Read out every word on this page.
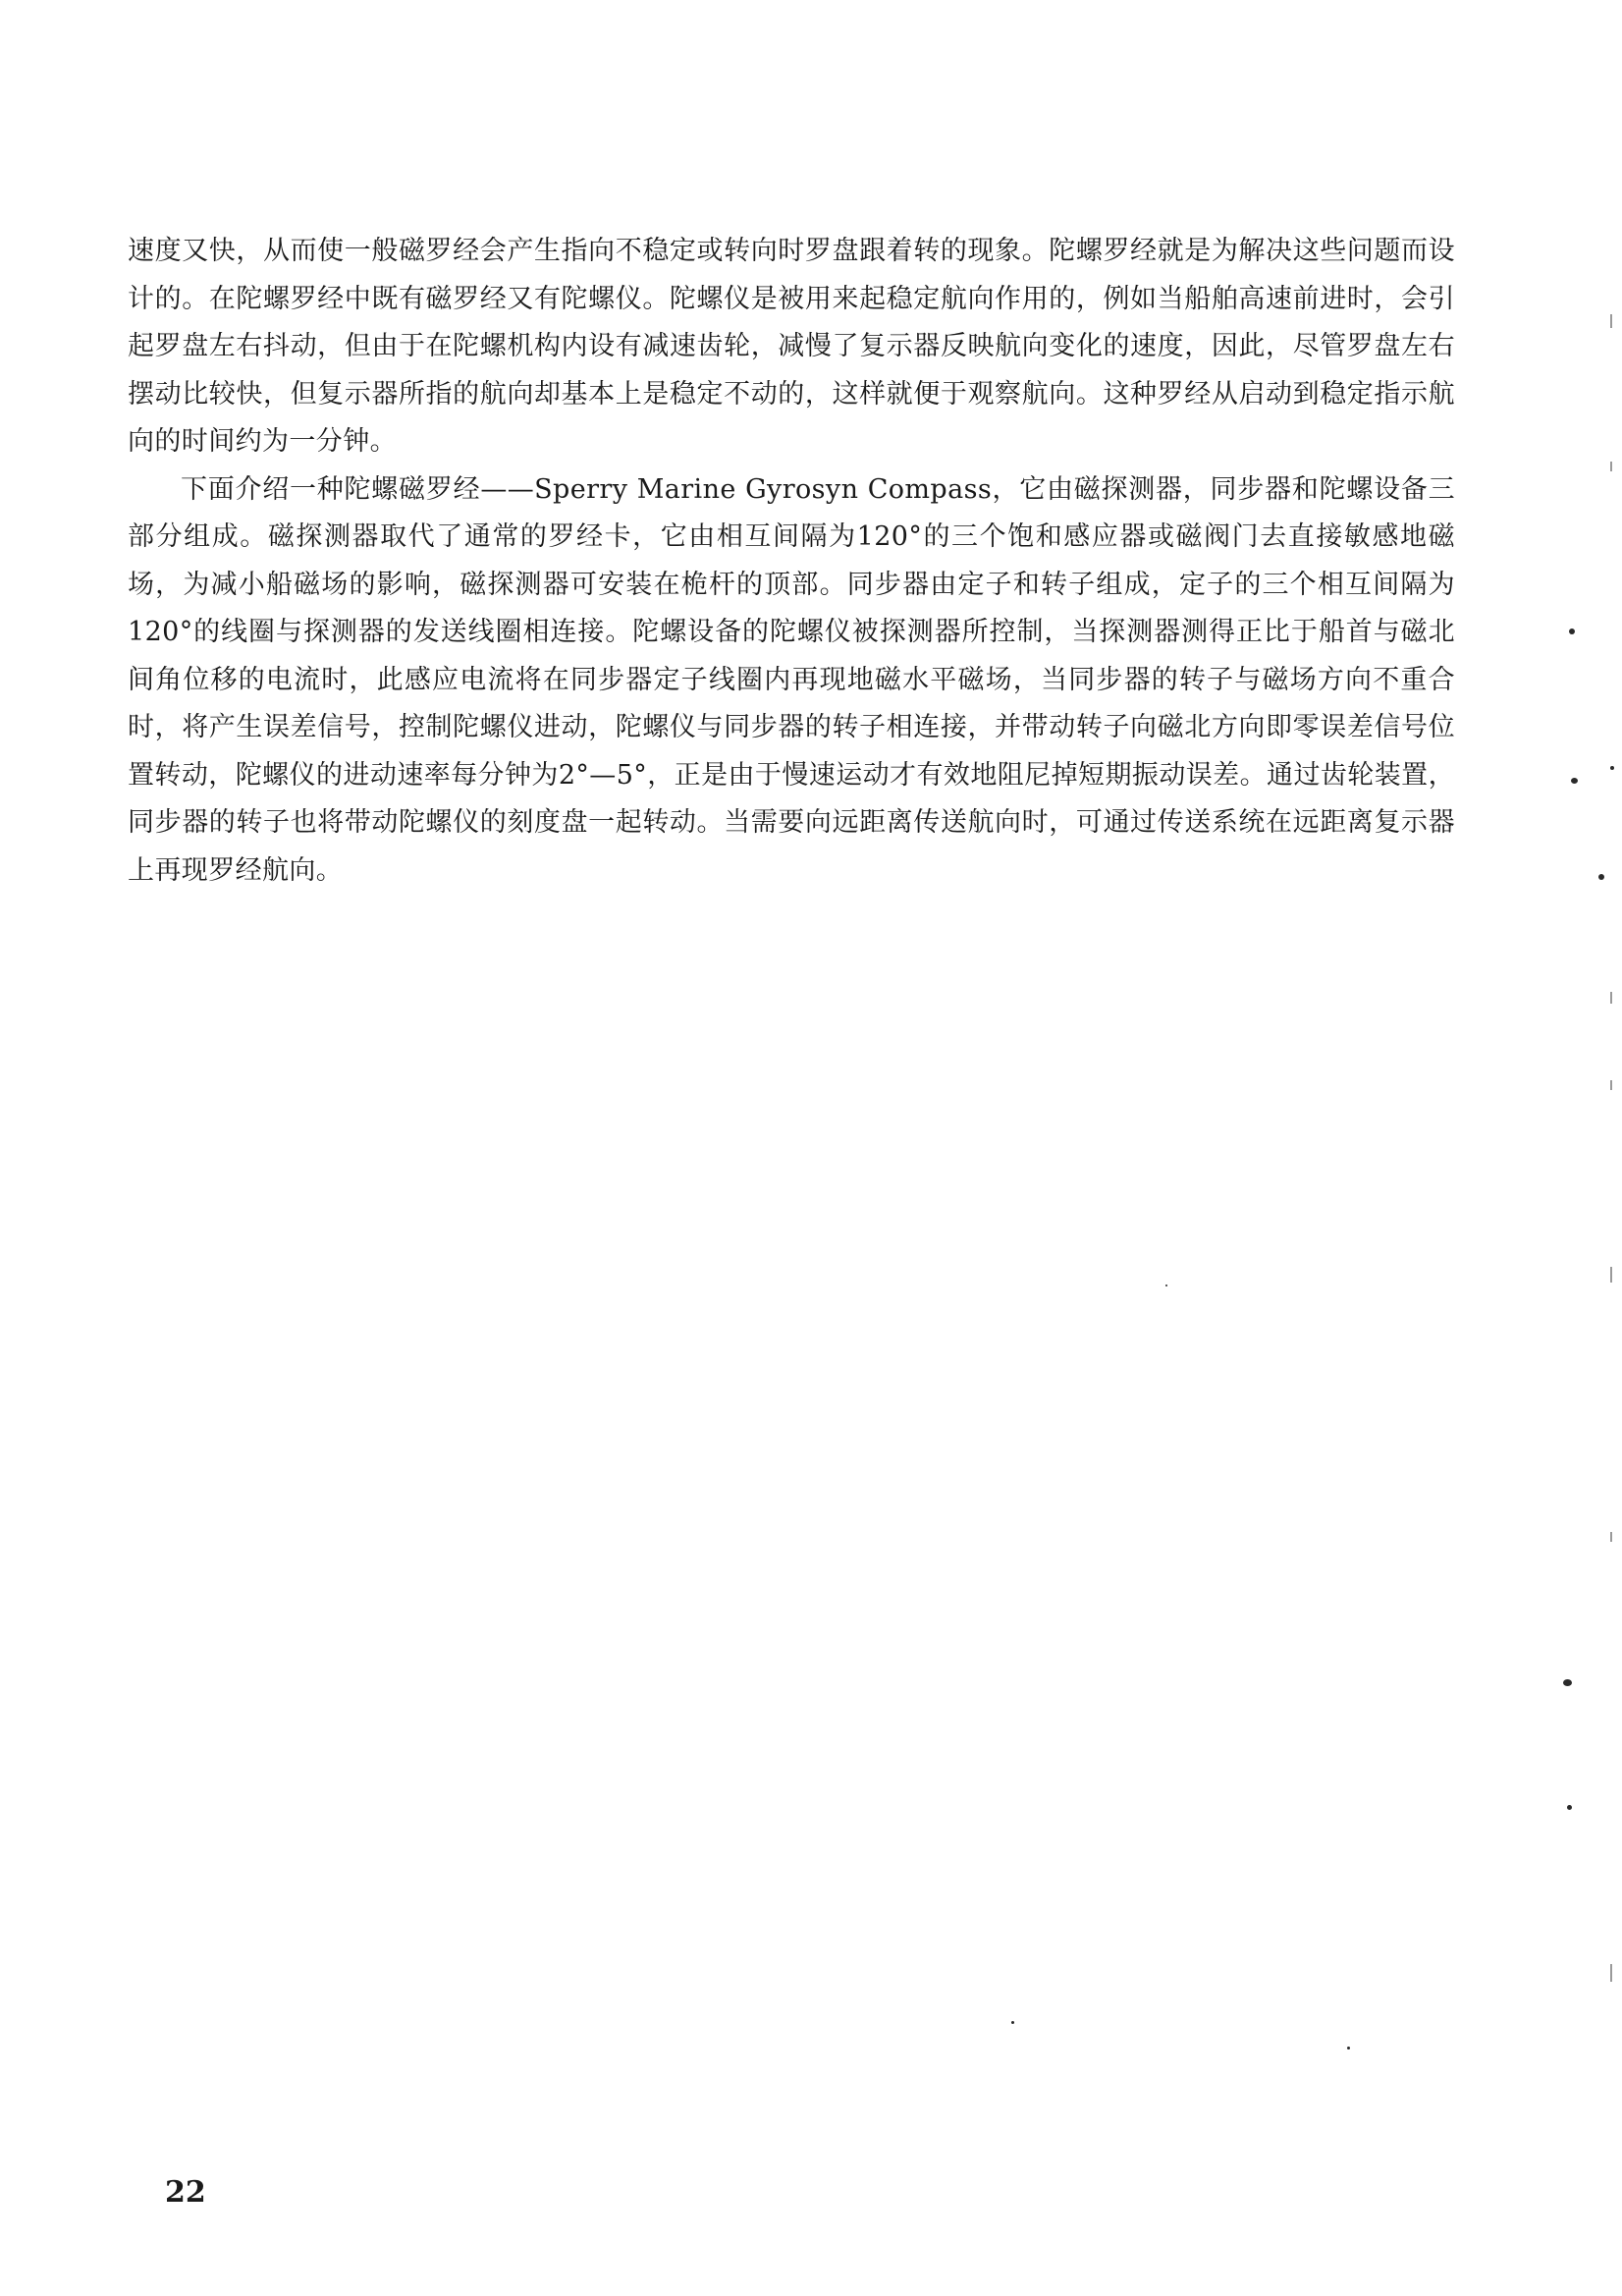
速度又快，从而使一般磁罗经会产生指向不稳定或转向时罗盘跟着转的现象。陀螺罗经就是为解决这些问题而设计的。在陀螺罗经中既有磁罗经又有陀螺仪。陀螺仪是被用来起稳定航向作用的，例如当船舶高速前进时，会引起罗盘左右抖动，但由于在陀螺机构内设有减速齿轮，减慢了复示器反映航向变化的速度，因此，尽管罗盘左右摆动比较快，但复示器所指的航向却基本上是稳定不动的，这样就便于观察航向。这种罗经从启动到稳定指示航向的时间约为一分钟。

下面介绍一种陀螺磁罗经——Sperry Marine Gyrosyn Compass，它由磁探测器，同步器和陀螺设备三部分组成。磁探测器取代了通常的罗经卡，它由相互间隔为120°的三个饱和感应器或磁阀门去直接敏感地磁场，为减小船磁场的影响，磁探测器可安装在桅杆的顶部。同步器由定子和转子组成，定子的三个相互间隔为120°的线圈与探测器的发送线圈相连接。陀螺设备的陀螺仪被探测器所控制，当探测器测得正比于船首与磁北间角位移的电流时，此感应电流将在同步器定子线圈内再现地磁水平磁场，当同步器的转子与磁场方向不重合时，将产生误差信号，控制陀螺仪进动，陀螺仪与同步器的转子相连接，并带动转子向磁北方向即零误差信号位置转动，陀螺仪的进动速率每分钟为2°—5°，正是由于慢速运动才有效地阻尼掉短期振动误差。通过齿轮装置，同步器的转子也将带动陀螺仪的刻度盘一起转动。当需要向远距离传送航向时，可通过传送系统在远距离复示器上再现罗经航向。

22
